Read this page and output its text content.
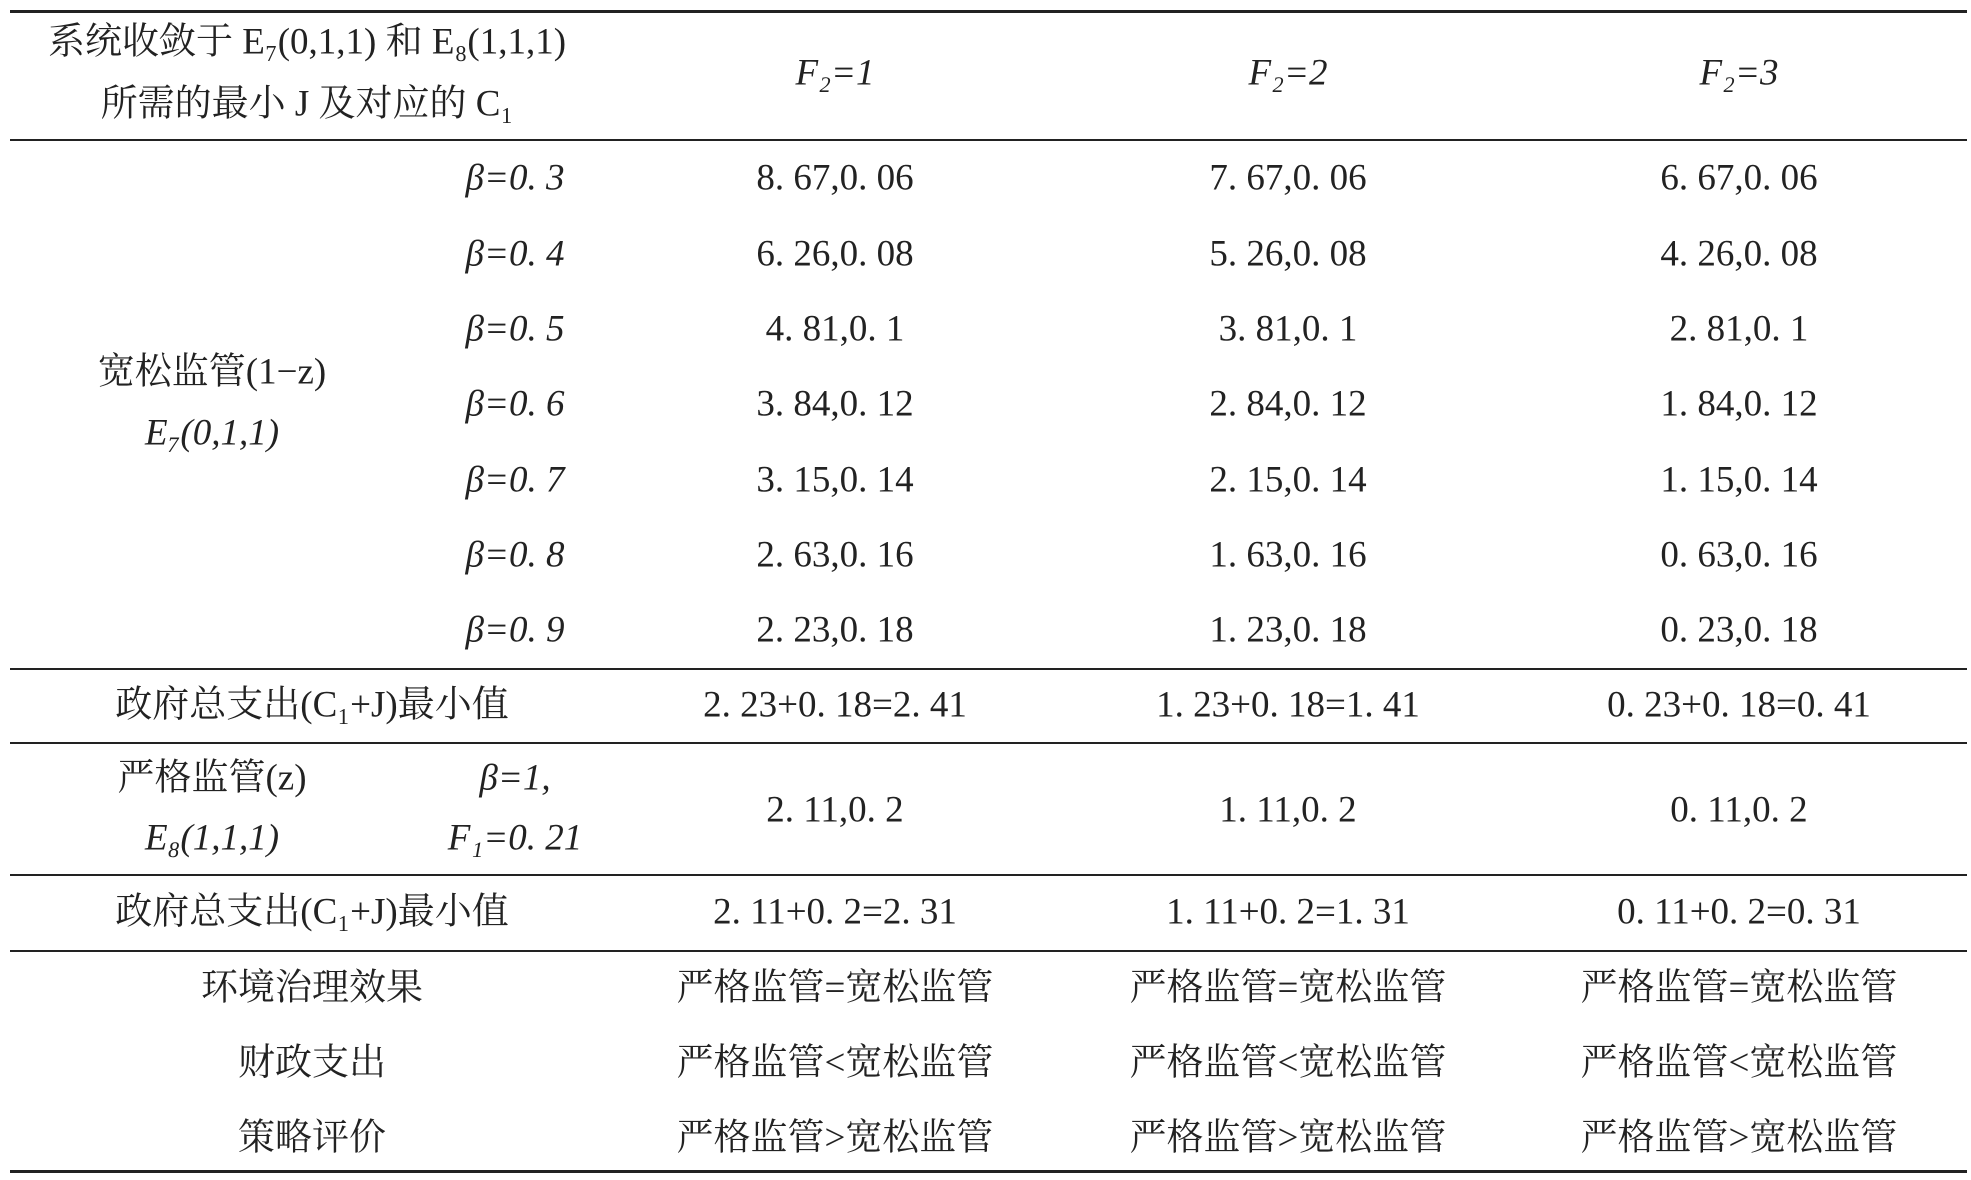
系统收敛于 E₇(0,1,1) 和 E₈(1,1,1)
所需的最小 J 及对应的 C₁
F₂=1	F₂=2	F₂=3
宽松监管(1−z)
E₇(0,1,1)
β=0. 3	8. 67,0. 06	7. 67,0. 06	6. 67,0. 06
β=0. 4	6. 26,0. 08	5. 26,0. 08	4. 26,0. 08
β=0. 5	4. 81,0. 1	3. 81,0. 1	2. 81,0. 1
β=0. 6	3. 84,0. 12	2. 84,0. 12	1. 84,0. 12
β=0. 7	3. 15,0. 14	2. 15,0. 14	1. 15,0. 14
β=0. 8	2. 63,0. 16	1. 63,0. 16	0. 63,0. 16
β=0. 9	2. 23,0. 18	1. 23,0. 18	0. 23,0. 18
政府总支出(C₁+J)最小值	2. 23+0. 18=2. 41	1. 23+0. 18=1. 41	0. 23+0. 18=0. 41
严格监管(z)
E₈(1,1,1)
β=1,
F₁=0. 21
2. 11,0. 2	1. 11,0. 2	0. 11,0. 2
政府总支出(C₁+J)最小值	2. 11+0. 2=2. 31	1. 11+0. 2=1. 31	0. 11+0. 2=0. 31
环境治理效果	严格监管=宽松监管	严格监管=宽松监管	严格监管=宽松监管
财政支出	严格监管<宽松监管	严格监管<宽松监管	严格监管<宽松监管
策略评价	严格监管>宽松监管	严格监管>宽松监管	严格监管>宽松监管
